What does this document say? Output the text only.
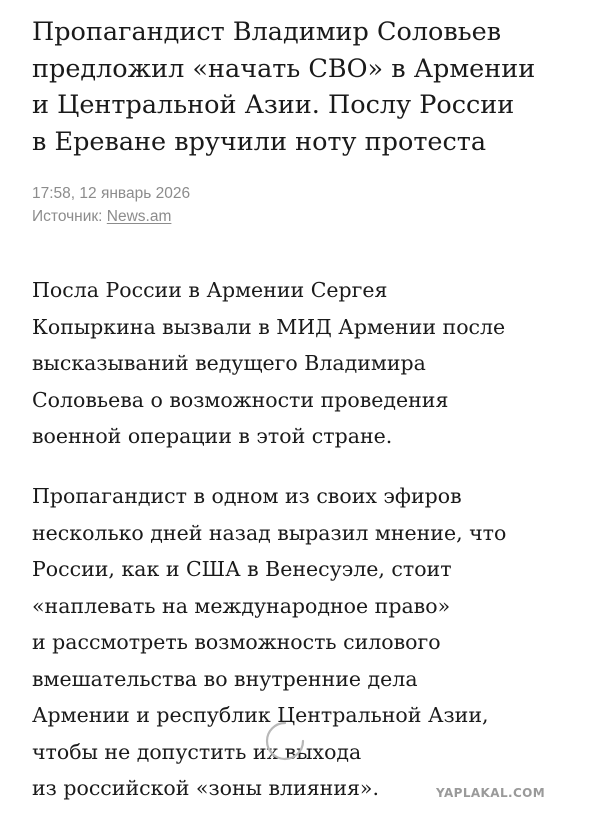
Пропагандист Владимир Соловьев
предложил «начать СВО» в Армении
и Центральной Азии. Послу России
в Ереване вручили ноту протеста
17:58, 12 январь 2026
Источник: News.am

Посла России в Армении Сергея
Копыркина вызвали в МИД Армении после
высказываний ведущего Владимира
Соловьева о возможности проведения
военной операции в этой стране.

Пропагандист в одном из своих эфиров
несколько дней назад выразил мнение, что
России, как и США в Венесуэле, стоит
«наплевать на международное право»
и рассмотреть возможность силового
вмешательства во внутренние дела
Армении и республик Центральной Азии,
чтобы не допустить их выхода
из российской «зоны влияния».	YAPLAKAL.COM
